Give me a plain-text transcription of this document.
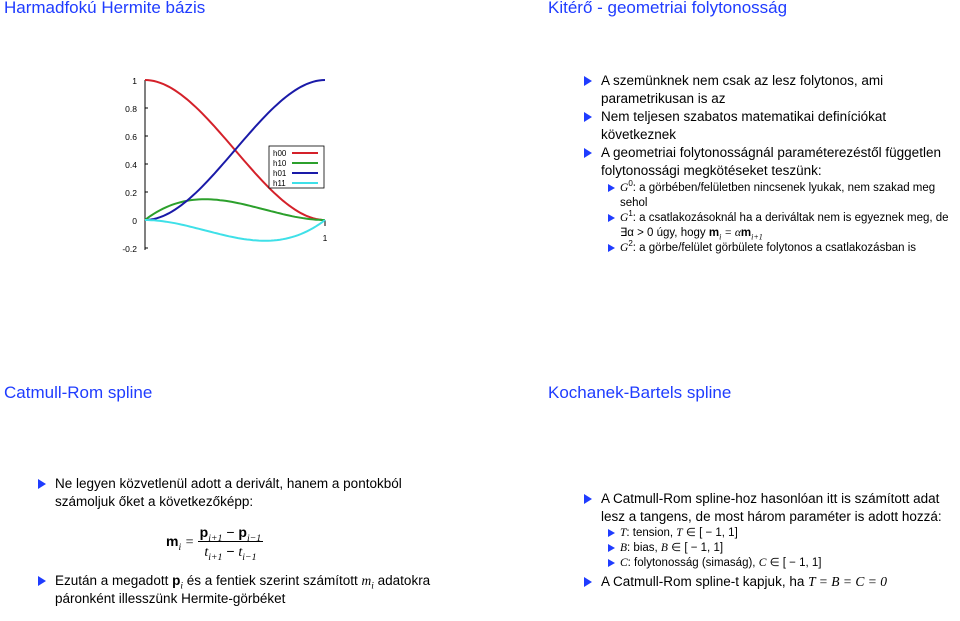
Harmadfokú Hermite bázis
1
0.8
0.6
0.4
0.2
0
-0.2
1
h00
h10
h01
h11
Kitérő - geometriai folytonosság
A szemünknek nem csak az lesz folytonos, ami parametrikusan is az
Nem teljesen szabatos matematikai definíciókat következnek
A geometriai folytonosságnál paraméterezéstől független folytonossági megkötéseket teszünk:
$G^0$: a görbében/felületben nincsenek lyukak, nem szakad meg sehol
$G^1$: a csatlakozásoknál ha a deriváltak nem is egyeznek meg, de ∃α > 0 úgy, hogy $m_i = \alpha m_{i+1}$
$G^2$: a görbe/felület görbülete folytonos a csatlakozásban is
Catmull-Rom spline
Ne legyen közvetlenül adott a derivált, hanem a pontokból számoljuk őket a következőképp:
$m_i = \frac{p_{i+1} - p_{i-1}}{t_{i+1} - t_{i-1}}$
Ezután a megadott $p_i$ és a fentiek szerint számított $m_i$ adatokra páronként illesszünk Hermite-görbéket
Kochanek-Bartels spline
A Catmull-Rom spline-hoz hasonlóan itt is számított adat lesz a tangens, de most három paraméter is adott hozzá:
T: tension, T ∈ [ − 1, 1]
B: bias, B ∈ [ − 1, 1]
C: folytonosság (simaság), C ∈ [ − 1, 1]
A Catmull-Rom spline-t kapjuk, ha T = B = C = 0
